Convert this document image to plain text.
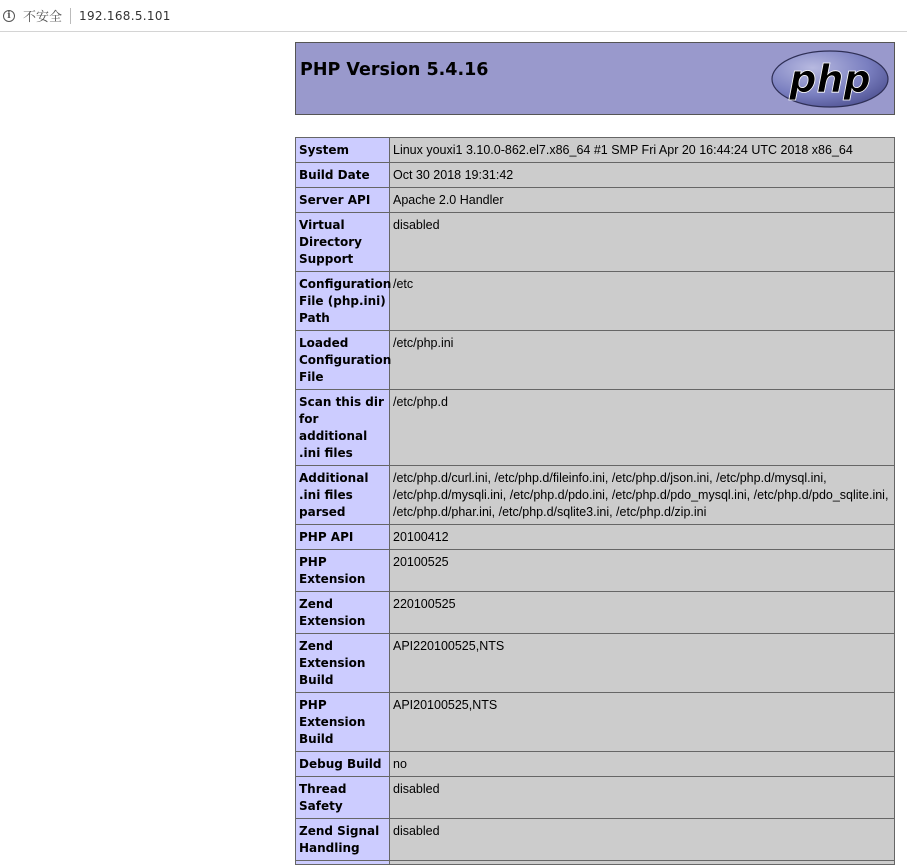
i 不安全 192.168.5.101
PHP Version 5.4.16	php
System	Linux youxi1 3.10.0-862.el7.x86_64 #1 SMP Fri Apr 20 16:44:24 UTC 2018 x86_64
Build Date	Oct 30 2018 19:31:42
Server API	Apache 2.0 Handler
Virtual Directory Support	disabled
Configuration File (php.ini) Path	/etc
Loaded Configuration File	/etc/php.ini
Scan this dir for additional .ini files	/etc/php.d
Additional .ini files parsed	/etc/php.d/curl.ini, /etc/php.d/fileinfo.ini, /etc/php.d/json.ini, /etc/php.d/mysql.ini, /etc/php.d/mysqli.ini, /etc/php.d/pdo.ini, /etc/php.d/pdo_mysql.ini, /etc/php.d/pdo_sqlite.ini, /etc/php.d/phar.ini, /etc/php.d/sqlite3.ini, /etc/php.d/zip.ini
PHP API	20100412
PHP Extension	20100525
Zend Extension	220100525
Zend Extension Build	API220100525,NTS
PHP Extension Build	API20100525,NTS
Debug Build	no
Thread Safety	disabled
Zend Signal Handling	disabled
